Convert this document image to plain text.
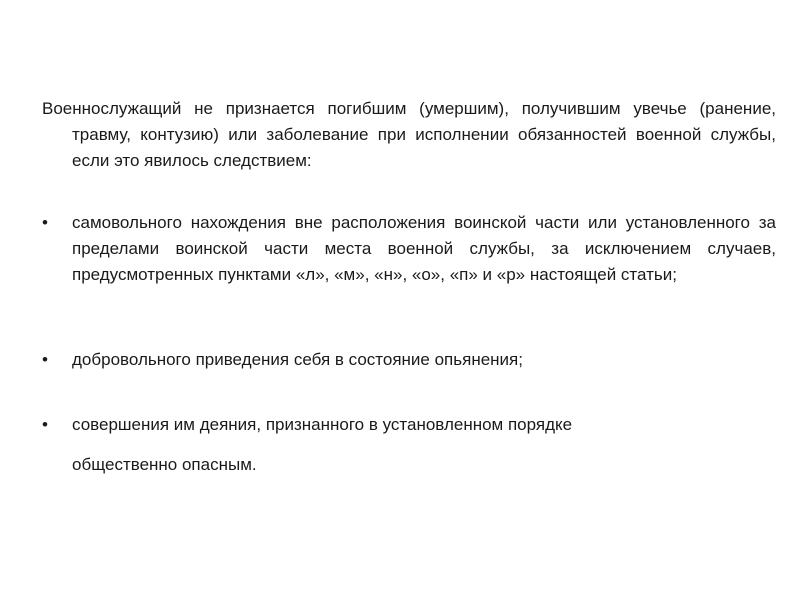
Военнослужащий не признается погибшим (умершим), получившим увечье (ранение, травму, контузию) или заболевание при исполнении обязанностей военной службы, если это явилось следствием:
•	самовольного нахождения вне расположения воинской части или установленного за пределами воинской части места военной службы, за исключением случаев, предусмотренных пунктами «л», «м», «н», «о», «п» и «р» настоящей статьи;
•	добровольного приведения себя в состояние опьянения;
•	совершения им деяния, признанного в установленном порядке
общественно опасным.
